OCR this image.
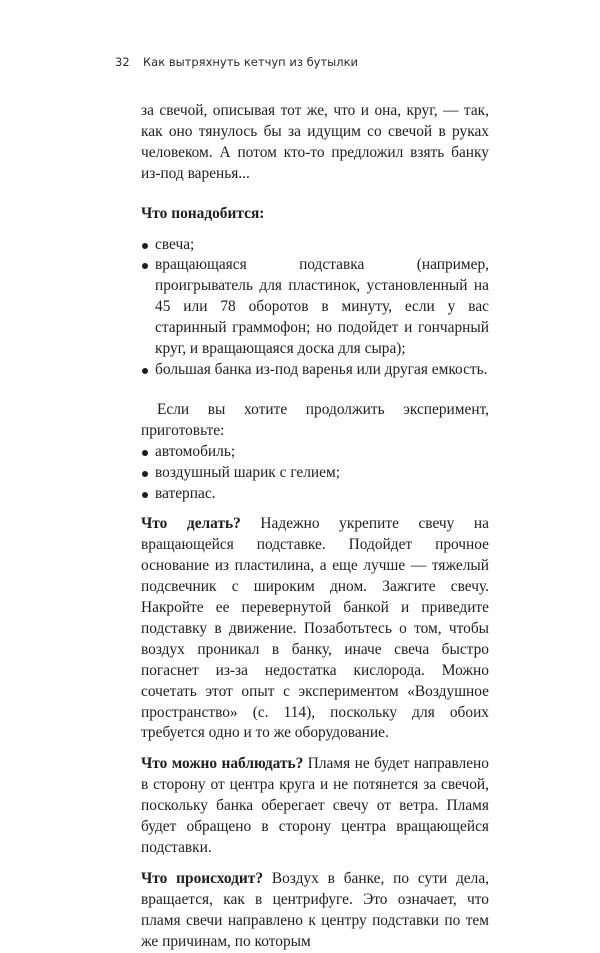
32 Как вытряхнуть кетчуп из бутылки

за свечой, описывая тот же, что и она, круг, — так, как оно тянулось бы за идущим со свечой в руках человеком. А потом кто-то предложил взять банку из-под варенья...

Что понадобится:

свеча;
вращающаяся подставка (например, проигрыватель для пластинок, установленный на 45 или 78 оборотов в минуту, если у вас старинный граммофон; но подойдет и гончарный круг, и вращающаяся доска для сыра);
большая банка из-под варенья или другая емкость.

Если вы хотите продолжить эксперимент, приготовьте:

автомобиль;
воздушный шарик с гелием;
ватерпас.

Что делать? Надежно укрепите свечу на вращающейся подставке. Подойдет прочное основание из пластилина, а еще лучше — тяжелый подсвечник с широким дном. Зажгите свечу. Накройте ее перевернутой банкой и приведите подставку в движение. Позаботьтесь о том, чтобы воздух проникал в банку, иначе свеча быстро погаснет из-за недостатка кислорода. Можно сочетать этот опыт с экспериментом «Воздушное пространство» (с. 114), поскольку для обоих требуется одно и то же оборудование.

Что можно наблюдать? Пламя не будет направлено в сторону от центра круга и не потянется за свечой, поскольку банка оберегает свечу от ветра. Пламя будет обращено в сторону центра вращающейся подставки.

Что происходит? Воздух в банке, по сути дела, вращается, как в центрифуге. Это означает, что пламя свечи направлено к центру подставки по тем же причинам, по которым
